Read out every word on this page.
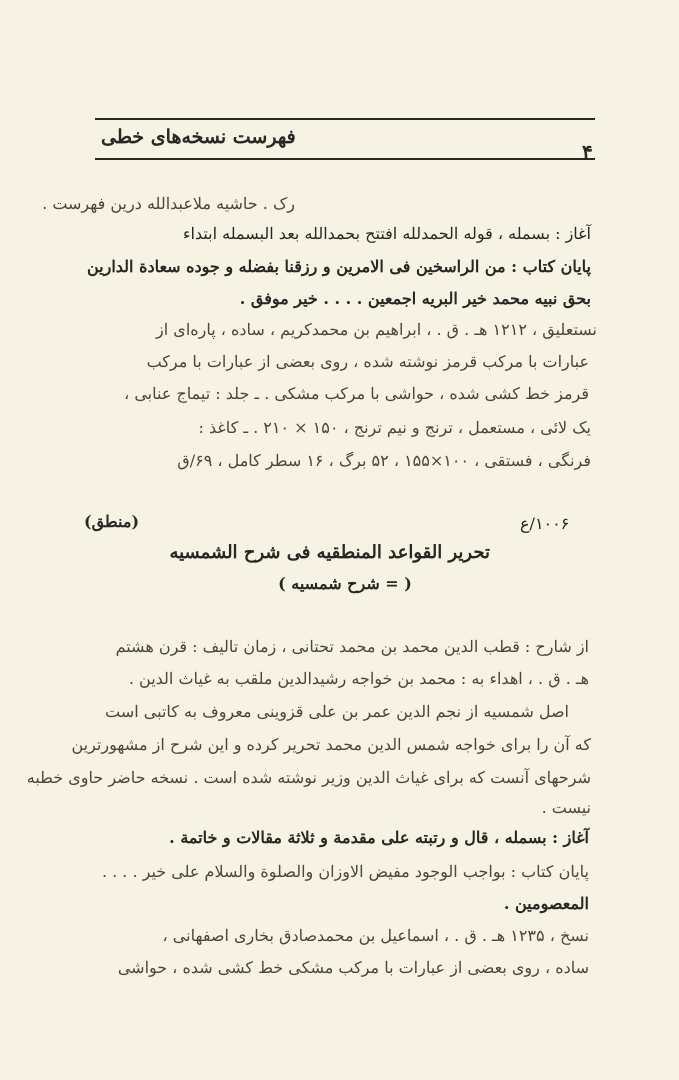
فهرست نسخه‌های خطی
۴
رک . حاشیه ملاعبدالله درین فهرست .
آغاز : بسمله ، قوله الحمدلله افتتح بحمدالله بعد البسمله ابتداء
پایان کتاب : من الراسخین فی الامرین و رزقنا بفضله و جوده سعادة الدارین
بحق نبیه محمد خیر البریه اجمعین . . . . خیر موفق .
نستعلیق ، ۱۲۱۲ هـ . ق . ، ابراهیم بن محمدکریم ، ساده ، پاره‌ای از
عبارات با مرکب قرمز نوشته شده ، روی بعضی از عبارات با مرکب
قرمز خط کشی شده ، حواشی با مرکب مشکی . ـ جلد : تیماج عنابی ،
یک لائی ، مستعمل ، ترنج و نیم ترنج ، ۱۵۰ × ۲۱۰ . ـ کاغذ :
فرنگی ، فستقی ، ۱۰۰×۱۵۵ ، ۵۲ برگ ، ۱۶ سطر کامل ، ۶۹/ق
(منطق)	۱۰۰۶/ع
تحریر القواعد المنطقیه فی شرح الشمسیه
( = شرح شمسیه )
از شارح : قطب الدین محمد بن محمد تحتانی ، زمان تالیف : قرن هشتم
هـ . ق . ، اهداء به : محمد بن خواجه رشیدالدین ملقب به غیاث الدین .
اصل شمسیه از نجم الدین عمر بن علی قزوینی معروف به کاتبی است
که آن را برای خواجه شمس الدین محمد تحریر کرده و این شرح از مشهورترین
شرحهای آنست که برای غیاث الدین وزیر نوشته شده است . نسخه حاضر حاوی خطبه
نیست .
آغاز : بسمله ، قال و رتبته علی مقدمة و ثلاثة مقالات و خاتمة .
پایان کتاب : بواجب الوجود مفیض الاوزان والصلوة والسلام علی خیر . . . .
المعصومین .
نسخ ، ۱۲۳۵ هـ . ق . ، اسماعیل بن محمدصادق بخاری اصفهانی ،
ساده ، روی بعضی از عبارات با مرکب مشکی خط کشی شده ، حواشی
